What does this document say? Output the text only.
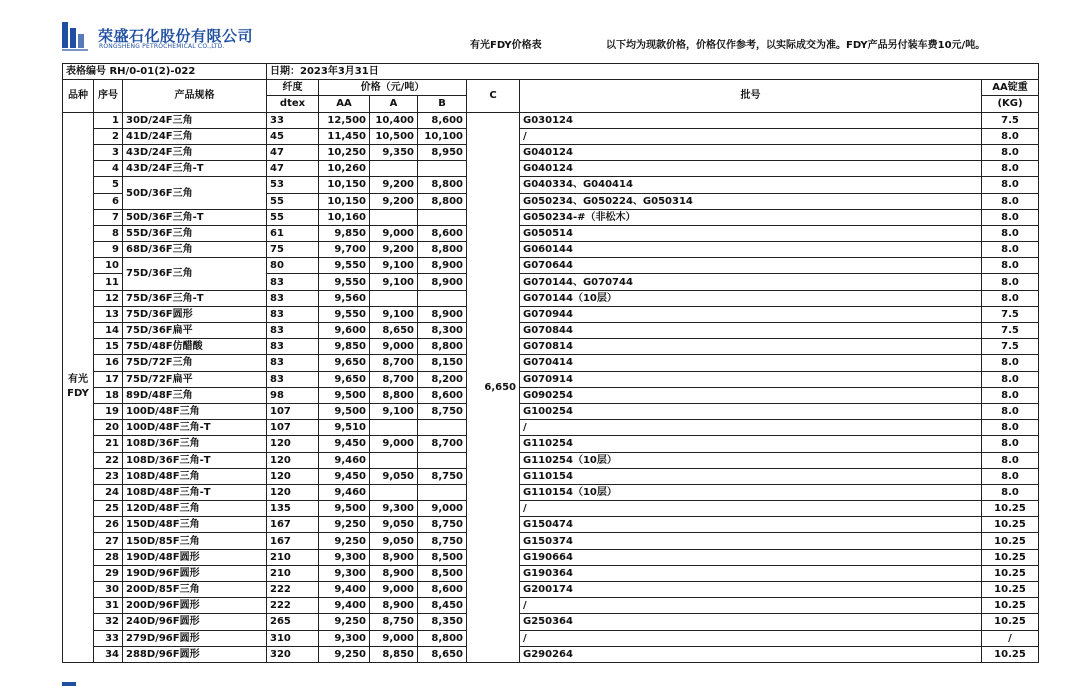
荣盛石化股份有限公司
RONGSHENG PETROCHEMICAL CO.,LTD.	有光FDY价格表	以下均为现款价格，价格仅作参考，以实际成交为准。FDY产品另付装车费10元/吨。
表格编号 RH/0-01(2)-022			日期：2023年3月31日						
品种	序号	产品规格	纤度	价格（元/吨）			C	批号	AA锭重
			dtex	AA	A	B			(KG)
有光
FDY	1	30D/24F三角	33	12,500	10,400	8,600	6,650	G030124	7.5
	2	41D/24F三角	45	11,450	10,500	10,100		/	8.0
	3	43D/24F三角	47	10,250	9,350	8,950		G040124	8.0
	4	43D/24F三角-T	47	10,260				G040124	8.0
	5	50D/36F三角	53	10,150	9,200	8,800		G040334、G040414	8.0
	6		55	10,150	9,200	8,800		G050234、G050224、G050314	8.0
	7	50D/36F三角-T	55	10,160				G050234-#（非松木）	8.0
	8	55D/36F三角	61	9,850	9,000	8,600		G050514	8.0
	9	68D/36F三角	75	9,700	9,200	8,800		G060144	8.0
	10	75D/36F三角	80	9,550	9,100	8,900		G070644	8.0
	11		83	9,550	9,100	8,900		G070144、G070744	8.0
	12	75D/36F三角-T	83	9,560				G070144（10层）	8.0
	13	75D/36F圆形	83	9,550	9,100	8,900		G070944	7.5
	14	75D/36F扁平	83	9,600	8,650	8,300		G070844	7.5
	15	75D/48F仿醋酸	83	9,850	9,000	8,800		G070814	7.5
	16	75D/72F三角	83	9,650	8,700	8,150		G070414	8.0
	17	75D/72F扁平	83	9,650	8,700	8,200		G070914	8.0
	18	89D/48F三角	98	9,500	8,800	8,600		G090254	8.0
	19	100D/48F三角	107	9,500	9,100	8,750		G100254	8.0
	20	100D/48F三角-T	107	9,510				/	8.0
	21	108D/36F三角	120	9,450	9,000	8,700		G110254	8.0
	22	108D/36F三角-T	120	9,460				G110254（10层）	8.0
	23	108D/48F三角	120	9,450	9,050	8,750		G110154	8.0
	24	108D/48F三角-T	120	9,460				G110154（10层）	8.0
	25	120D/48F三角	135	9,500	9,300	9,000		/	10.25
	26	150D/48F三角	167	9,250	9,050	8,750		G150474	10.25
	27	150D/85F三角	167	9,250	9,050	8,750		G150374	10.25
	28	190D/48F圆形	210	9,300	8,900	8,500		G190664	10.25
	29	190D/96F圆形	210	9,300	8,900	8,500		G190364	10.25
	30	200D/85F三角	222	9,400	9,000	8,600		G200174	10.25
	31	200D/96F圆形	222	9,400	8,900	8,450		/	10.25
	32	240D/96F圆形	265	9,250	8,750	8,350		G250364	10.25
	33	279D/96F圆形	310	9,300	9,000	8,800		/	/
	34	288D/96F圆形	320	9,250	8,850	8,650		G290264	10.25
